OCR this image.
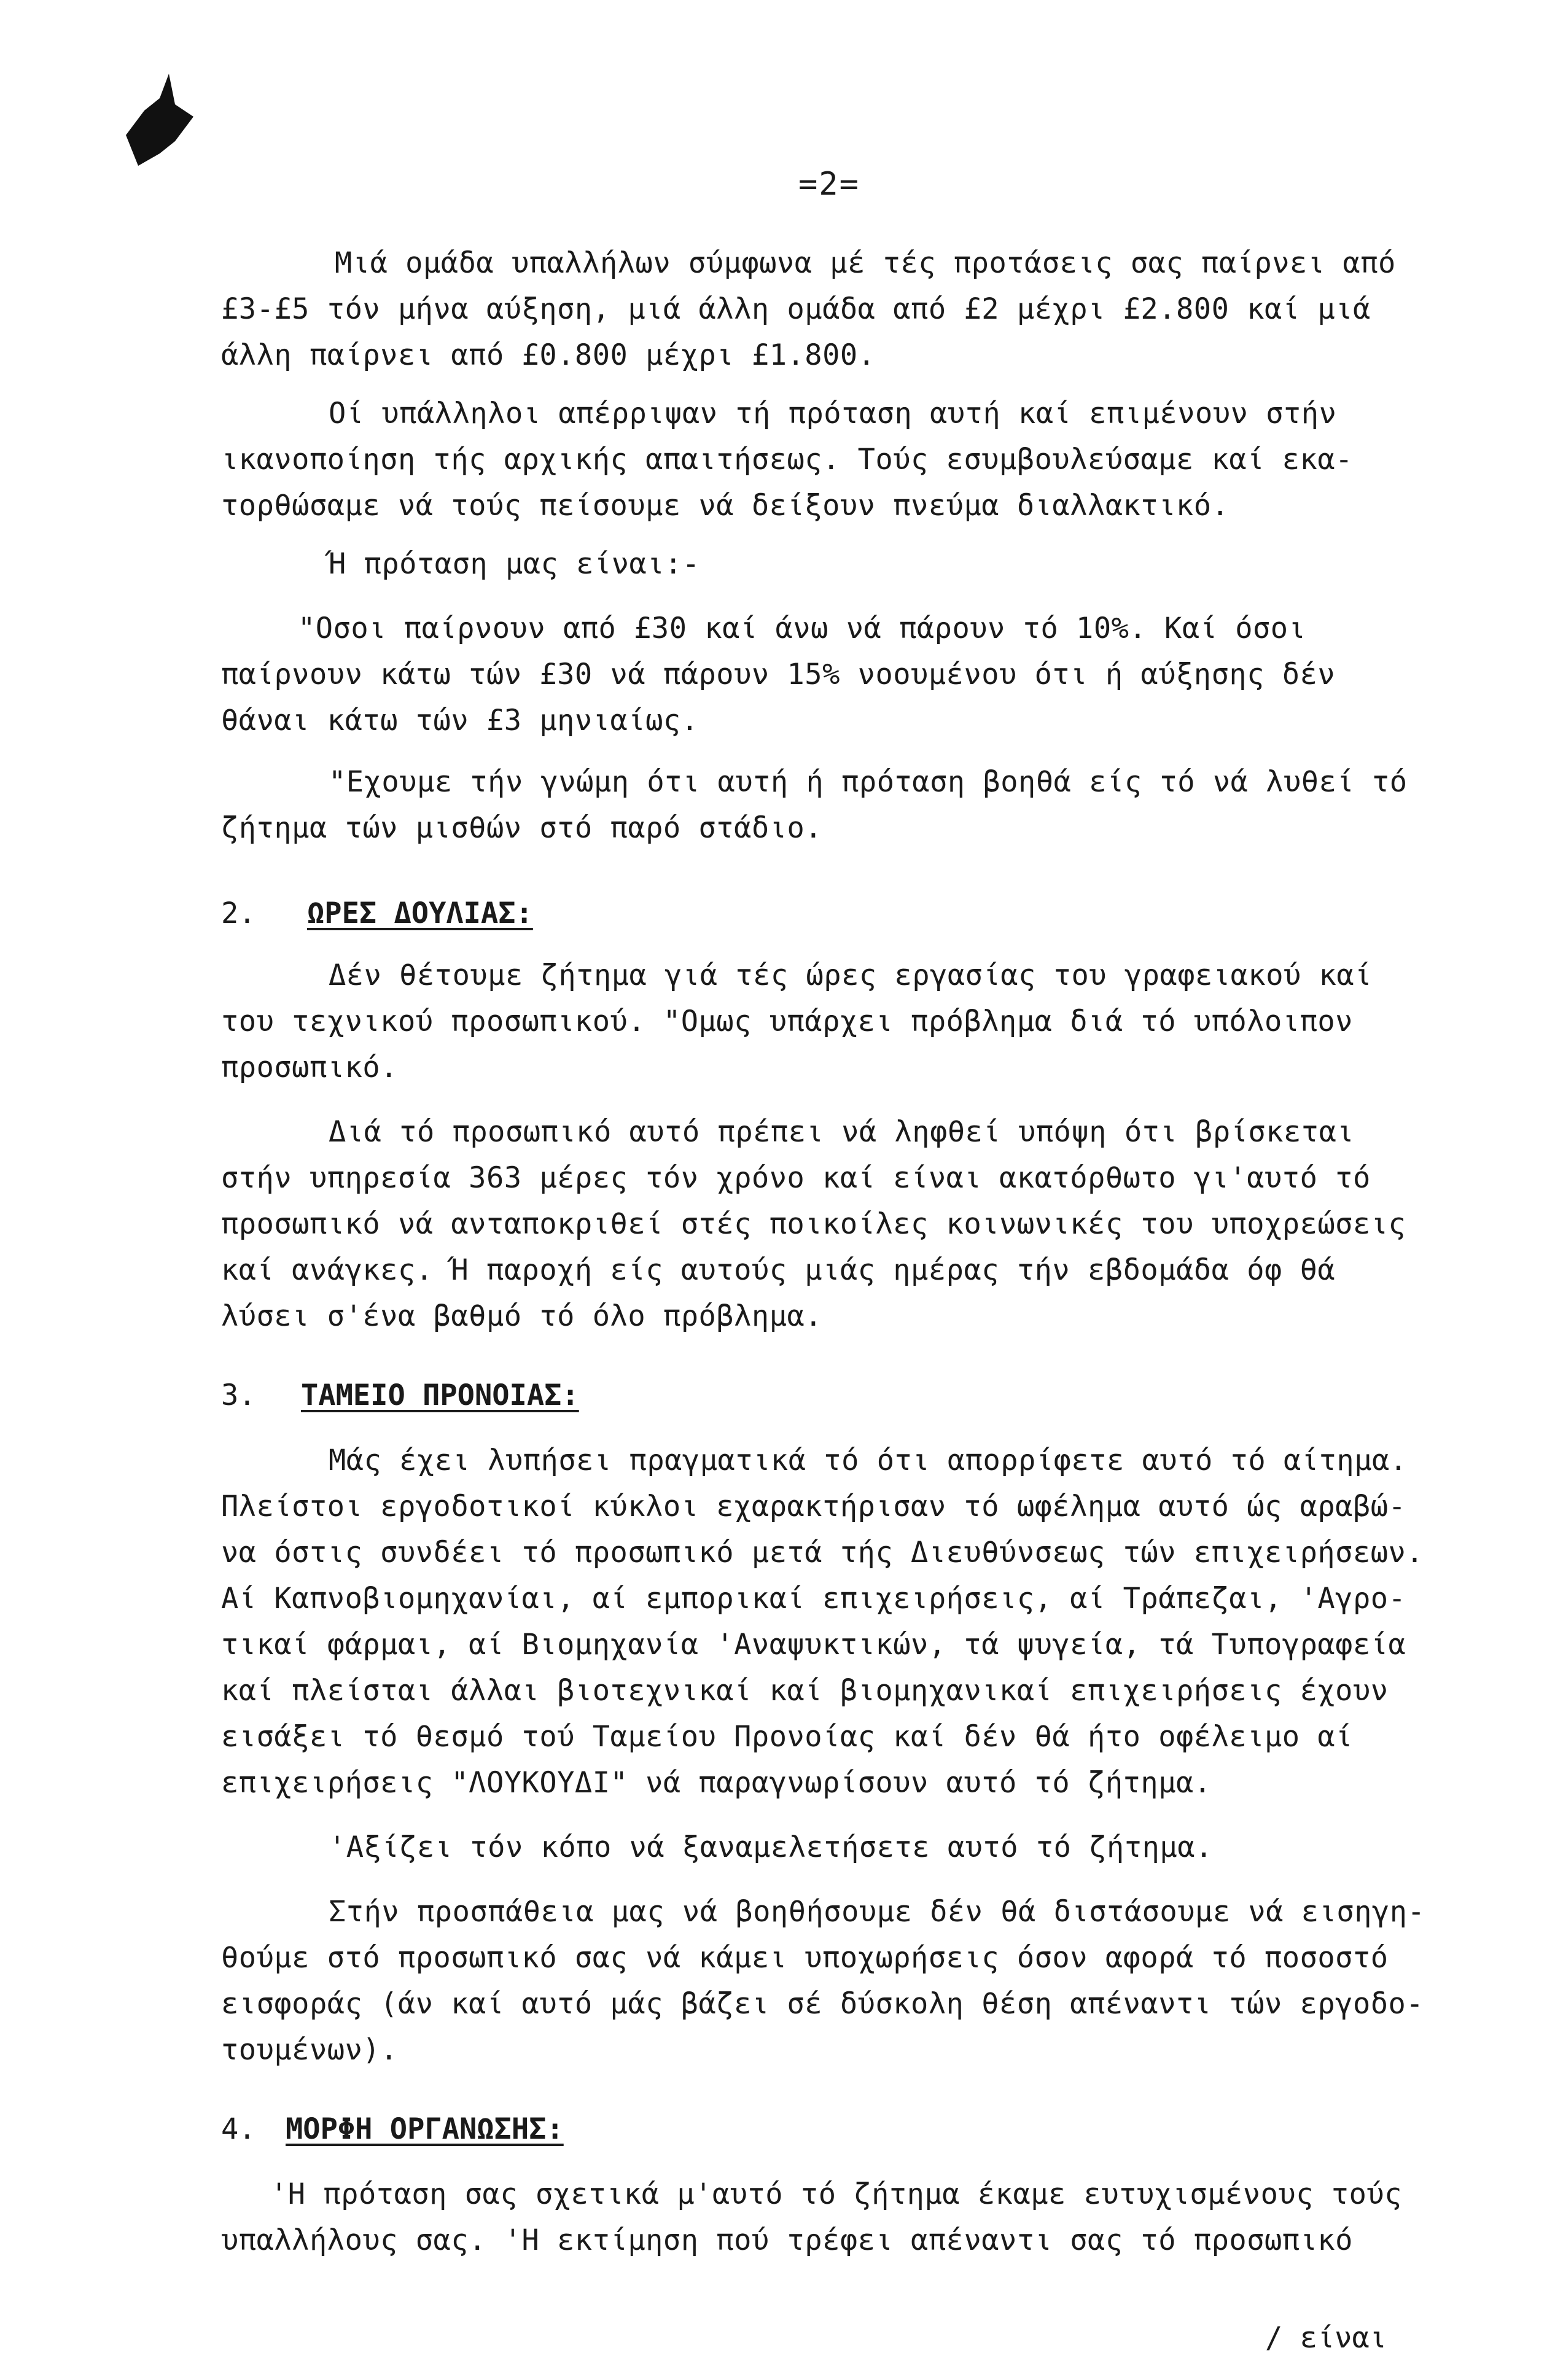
=2=
Μιά ομάδα υπαλλήλων σύμφωνα μέ τές προτάσεις σας παίρνει από
£3-£5 τόν μήνα αύξηση, μιά άλλη ομάδα από £2 μέχρι £2.800 καί μιά
άλλη παίρνει από £0.800 μέχρι £1.800.
Οί υπάλληλοι απέρριψαν τή πρόταση αυτή καί επιμένουν στήν
ικανοποίηση τής αρχικής απαιτήσεως. Τούς εσυμβουλεύσαμε καί εκα-
τορθώσαμε νά τούς πείσουμε νά δείξουν πνεύμα διαλλακτικό.
Ή πρόταση μας είναι:-
"Οσοι παίρνουν από £30 καί άνω νά πάρουν τό 10%. Καί όσοι
παίρνουν κάτω τών £30 νά πάρουν 15% νοουμένου ότι ή αύξησης δέν
θάναι κάτω τών £3 μηνιαίως.
"Εχουμε τήν γνώμη ότι αυτή ή πρόταση βοηθά είς τό νά λυθεί τό
ζήτημα τών μισθών στό παρό στάδιο.
2. ΩΡΕΣ ΔΟΥΛΙΑΣ:
Δέν θέτουμε ζήτημα γιά τές ώρες εργασίας του γραφειακού καί
του τεχνικού προσωπικού. "Ομως υπάρχει πρόβλημα διά τό υπόλοιπον
προσωπικό.
Διά τό προσωπικό αυτό πρέπει νά ληφθεί υπόψη ότι βρίσκεται
στήν υπηρεσία 363 μέρες τόν χρόνο καί είναι ακατόρθωτο γι'αυτό τό
προσωπικό νά ανταποκριθεί στές ποικοίλες κοινωνικές του υποχρεώσεις
καί ανάγκες. Ή παροχή είς αυτούς μιάς ημέρας τήν εβδομάδα όφ θά
λύσει σ'ένα βαθμό τό όλο πρόβλημα.
3. ΤΑΜΕΙΟ ΠΡΟΝΟΙΑΣ:
Μάς έχει λυπήσει πραγματικά τό ότι απορρίφετε αυτό τό αίτημα.
Πλείστοι εργοδοτικοί κύκλοι εχαρακτήρισαν τό ωφέλημα αυτό ώς αραβώ-
να όστις συνδέει τό προσωπικό μετά τής Διευθύνσεως τών επιχειρήσεων.
Αί Καπνοβιομηχανίαι, αί εμπορικαί επιχειρήσεις, αί Τράπεζαι, 'Αγρο-
τικαί φάρμαι, αί Βιομηχανία 'Αναψυκτικών, τά ψυγεία, τά Τυπογραφεία
καί πλείσται άλλαι βιοτεχνικαί καί βιομηχανικαί επιχειρήσεις έχουν
εισάξει τό θεσμό τού Ταμείου Προνοίας καί δέν θά ήτο οφέλειμο αί
επιχειρήσεις "ΛΟΥΚΟΥΔΙ" νά παραγνωρίσουν αυτό τό ζήτημα.
'Αξίζει τόν κόπο νά ξαναμελετήσετε αυτό τό ζήτημα.
Στήν προσπάθεια μας νά βοηθήσουμε δέν θά διστάσουμε νά εισηγη-
θούμε στό προσωπικό σας νά κάμει υποχωρήσεις όσον αφορά τό ποσοστό
εισφοράς (άν καί αυτό μάς βάζει σέ δύσκολη θέση απέναντι τών εργοδο-
τουμένων).
4. ΜΟΡΦΗ ΟΡΓΑΝΩΣΗΣ:
'Η πρόταση σας σχετικά μ'αυτό τό ζήτημα έκαμε ευτυχισμένους τούς
υπαλλήλους σας. 'Η εκτίμηση πού τρέφει απέναντι σας τό προσωπικό
/ είναι
